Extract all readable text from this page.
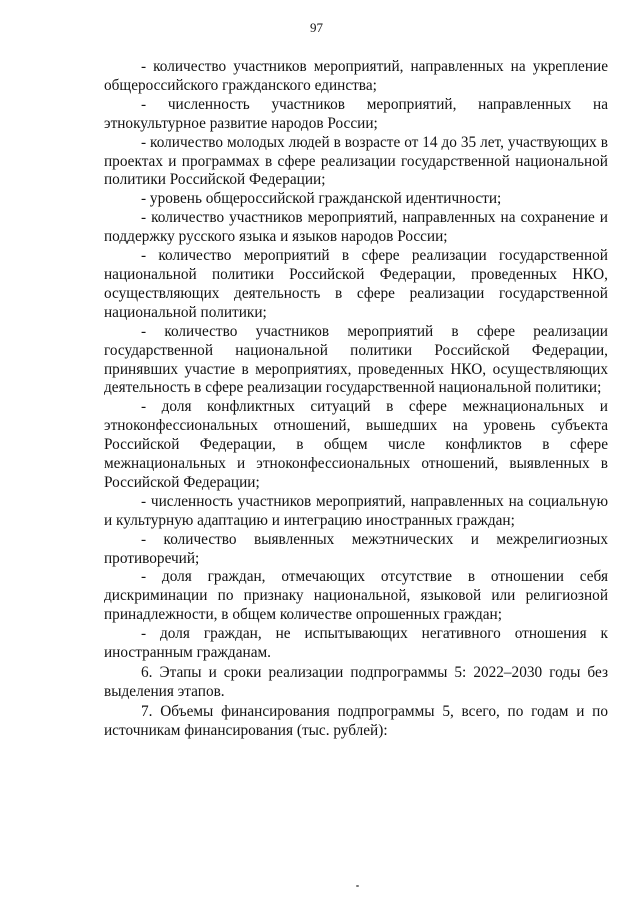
97

- количество участников мероприятий, направленных на укрепление общероссийского гражданского единства;

- численность участников мероприятий, направленных на этнокультурное развитие народов России;

- количество молодых людей в возрасте от 14 до 35 лет, участвующих в проектах и программах в сфере реализации государственной национальной политики Российской Федерации;

- уровень общероссийской гражданской идентичности;

- количество участников мероприятий, направленных на сохранение и поддержку русского языка и языков народов России;

- количество мероприятий в сфере реализации государственной национальной политики Российской Федерации, проведенных НКО, осуществляющих деятельность в сфере реализации государственной национальной политики;

- количество участников мероприятий в сфере реализации государственной национальной политики Российской Федерации, принявших участие в мероприятиях, проведенных НКО, осуществляющих деятельность в сфере реализации государственной национальной политики;

- доля конфликтных ситуаций в сфере межнациональных и этноконфессиональных отношений, вышедших на уровень субъекта Российской Федерации, в общем числе конфликтов в сфере межнациональных и этноконфессиональных отношений, выявленных в Российской Федерации;

- численность участников мероприятий, направленных на социальную и культурную адаптацию и интеграцию иностранных граждан;

- количество выявленных межэтнических и межрелигиозных противоречий;

- доля граждан, отмечающих отсутствие в отношении себя дискриминации по признаку национальной, языковой или религиозной принадлежности, в общем количестве опрошенных граждан;

- доля граждан, не испытывающих негативного отношения к иностранным гражданам.

6. Этапы и сроки реализации подпрограммы 5: 2022–2030 годы без выделения этапов.

7. Объемы финансирования подпрограммы 5, всего, по годам и по источникам финансирования (тыс. рублей):
